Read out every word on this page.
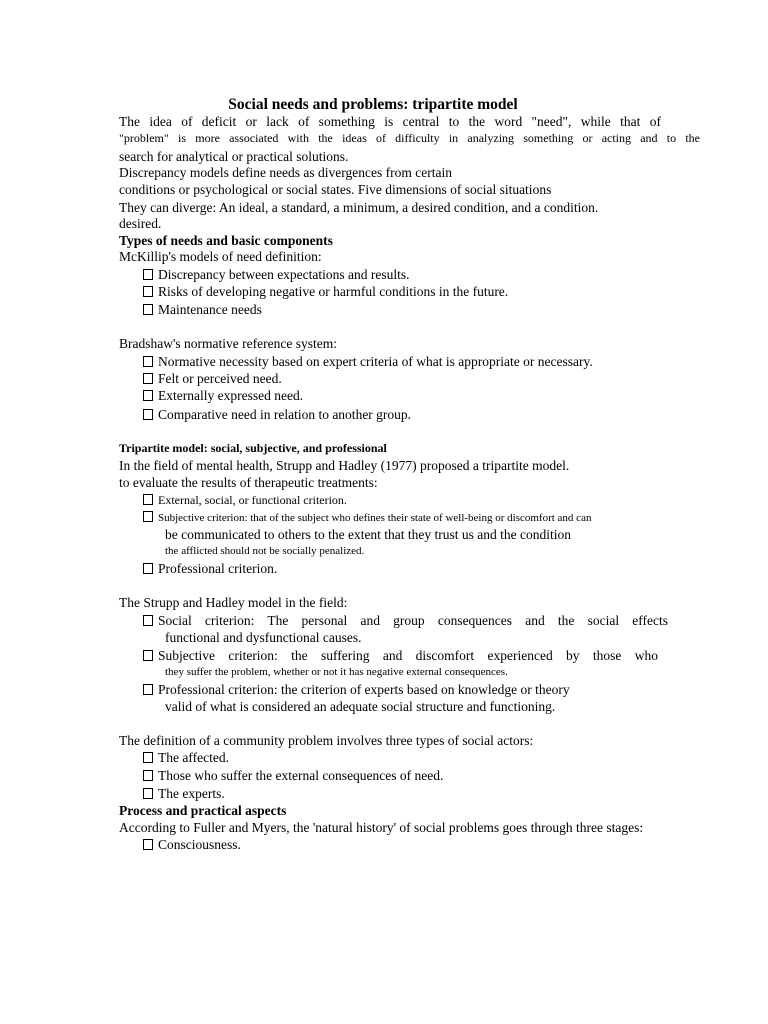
Social needs and problems: tripartite model
The idea of deficit or lack of something is central to the word "need", while that of
"problem" is more associated with the ideas of difficulty in analyzing something or acting and to the
search for analytical or practical solutions.
Discrepancy models define needs as divergences from certain
conditions or psychological or social states. Five dimensions of social situations
They can diverge: An ideal, a standard, a minimum, a desired condition, and a condition.
desired.
Types of needs and basic components
McKillip's models of need definition:
Discrepancy between expectations and results.
Risks of developing negative or harmful conditions in the future.
Maintenance needs
Bradshaw's normative reference system:
Normative necessity based on expert criteria of what is appropriate or necessary.
Felt or perceived need.
Externally expressed need.
Comparative need in relation to another group.
Tripartite model: social, subjective, and professional
In the field of mental health, Strupp and Hadley (1977) proposed a tripartite model.
to evaluate the results of therapeutic treatments:
External, social, or functional criterion.
Subjective criterion: that of the subject who defines their state of well-being or discomfort and can
be communicated to others to the extent that they trust us and the condition
the afflicted should not be socially penalized.
Professional criterion.
The Strupp and Hadley model in the field:
Social criterion: The personal and group consequences and the social effects
functional and dysfunctional causes.
Subjective criterion: the suffering and discomfort experienced by those who
they suffer the problem, whether or not it has negative external consequences.
Professional criterion: the criterion of experts based on knowledge or theory
valid of what is considered an adequate social structure and functioning.
The definition of a community problem involves three types of social actors:
The affected.
Those who suffer the external consequences of need.
The experts.
Process and practical aspects
According to Fuller and Myers, the 'natural history' of social problems goes through three stages:
Consciousness.
